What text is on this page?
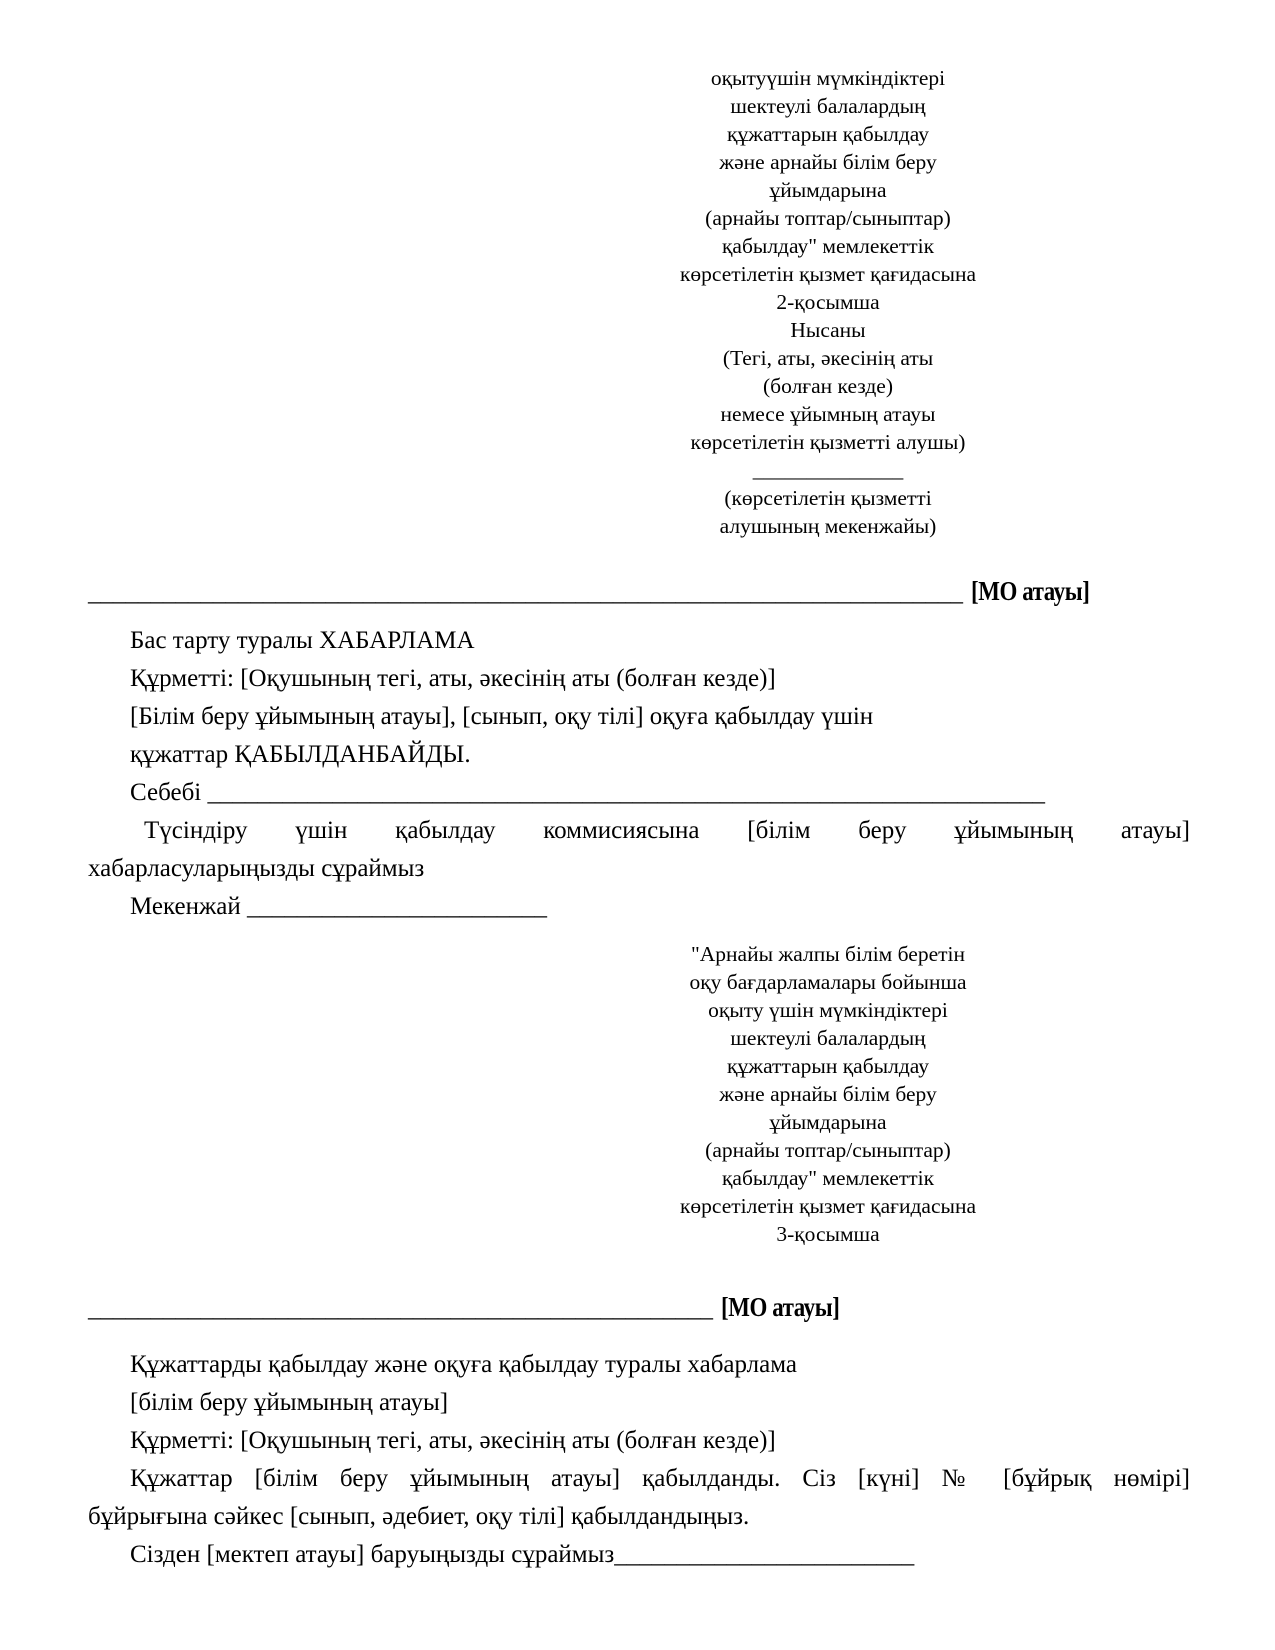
оқытуүшін мүмкіндіктері
шектеулі балалардың
құжаттарын қабылдау
және арнайы білім беру
ұйымдарына
(арнайы топтар/сыныптар)
қабылдау" мемлекеттік
көрсетілетін қызмет қағидасына
2-қосымша
Нысаны
(Тегі, аты, әкесінің аты
(болған кезде)
немесе ұйымның атауы
көрсетілетін қызметті алушы)
______________
(көрсетілетін қызметті
алушының мекенжайы)
______________________________________________________________________ [МО атауы]
Бас тарту туралы ХАБАРЛАМА
Құрметті: [Оқушының тегі, аты, әкесінің аты (болған кезде)]
[Білім беру ұйымының атауы], [сынып, оқу тілі] оқуға қабылдау үшін
құжаттар ҚАБЫЛДАНБАЙДЫ.
Себебі ___________________________________________________________________
Түсіндіру үшін қабылдау коммисиясына [білім беру ұйымының атауы]
хабарласуларыңызды сұраймыз
Мекенжай ________________________
"Арнайы жалпы білім беретін
оқу бағдарламалары бойынша
оқыту үшін мүмкіндіктері
шектеулі балалардың
құжаттарын қабылдау
және арнайы білім беру
ұйымдарына
(арнайы топтар/сыныптар)
қабылдау" мемлекеттік
көрсетілетін қызмет қағидасына
3-қосымша
__________________________________________________ [МО атауы]
Құжаттарды қабылдау және оқуға қабылдау туралы хабарлама
[білім беру ұйымының атауы]
Құрметті: [Оқушының тегі, аты, әкесінің аты (болған кезде)]
Құжаттар [білім беру ұйымының атауы] қабылданды. Сіз [күні] № [бұйрық нөмірі]
бұйрығына сәйкес [сынып, әдебиет, оқу тілі] қабылдандыңыз.
Сізден [мектеп атауы] баруыңызды сұраймыз________________________
